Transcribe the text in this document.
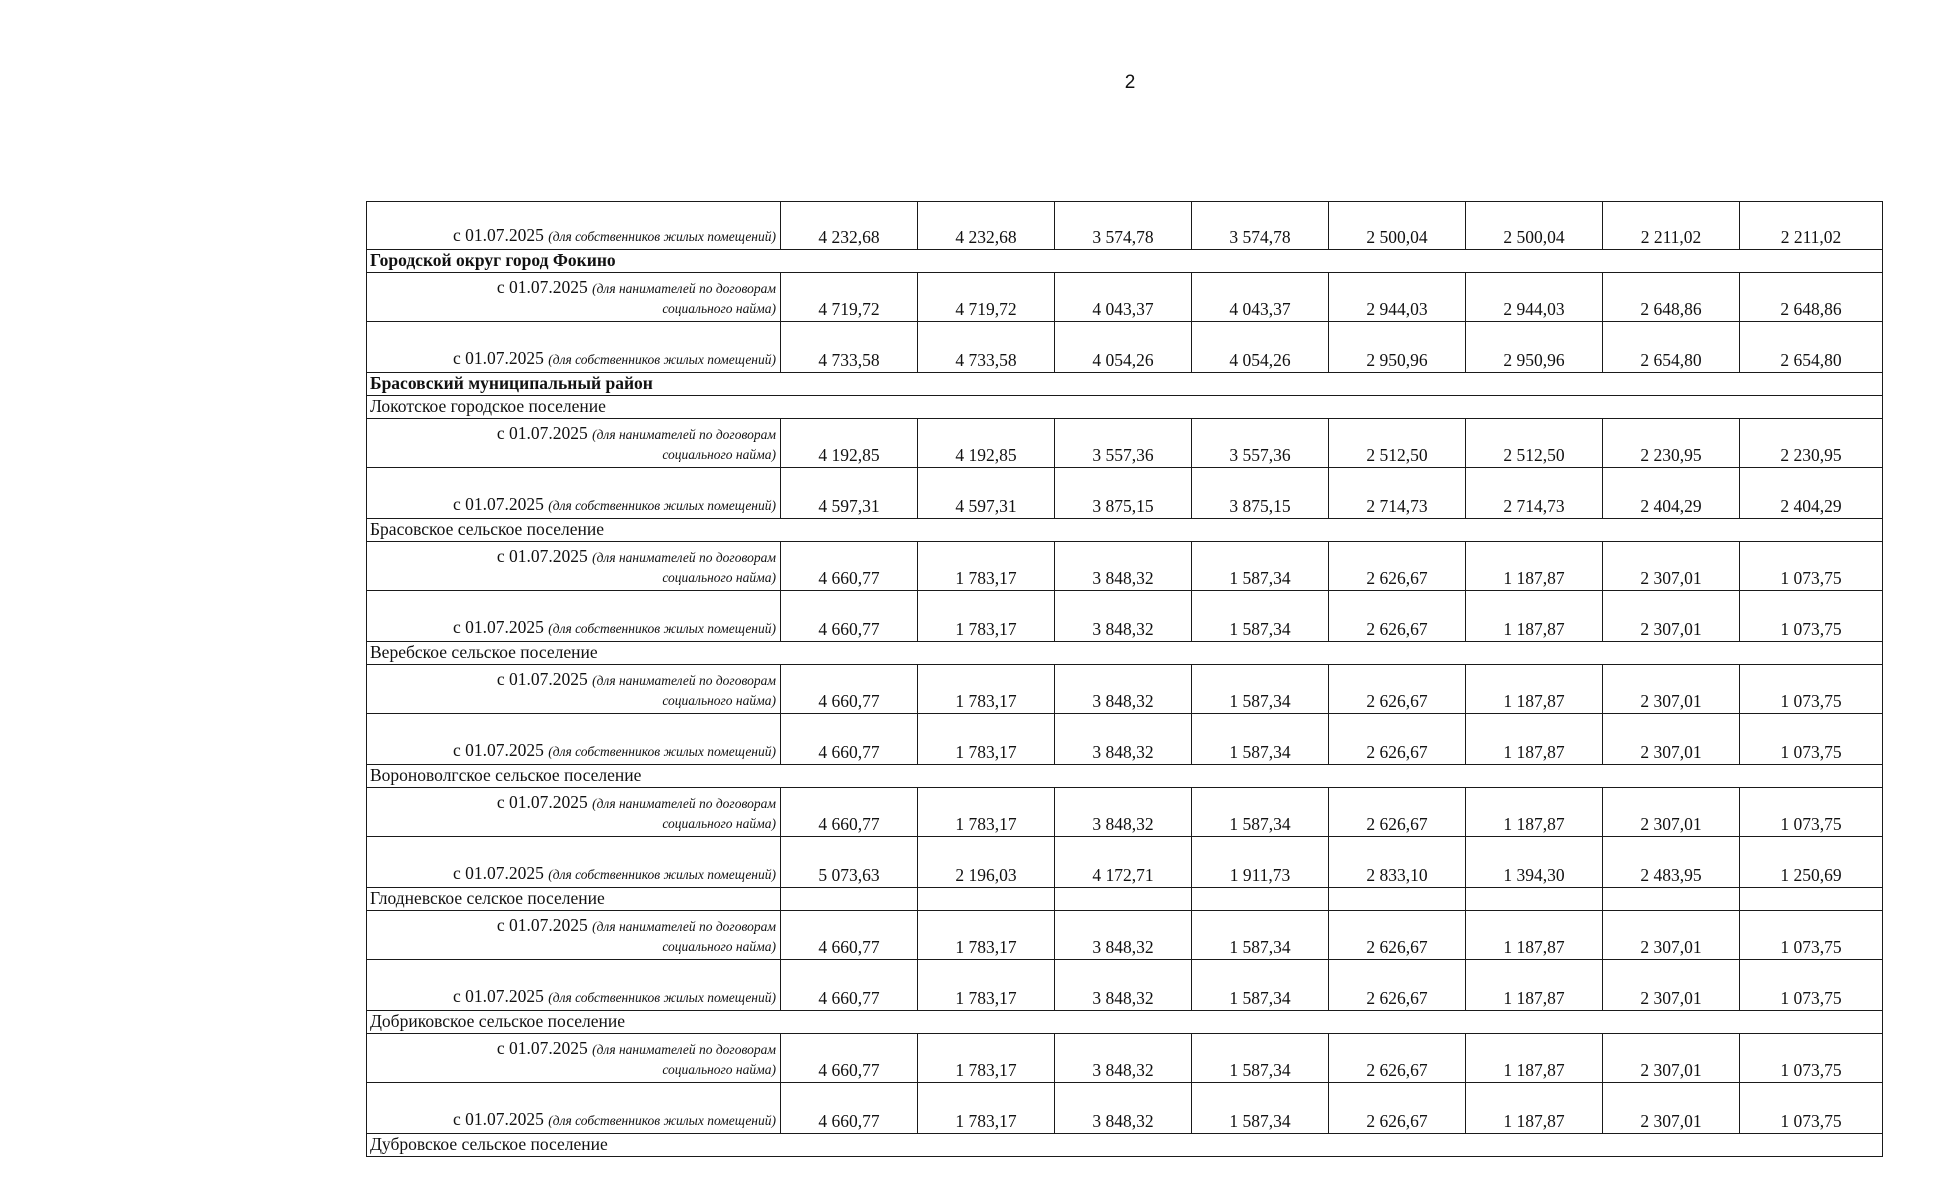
2
с 01.07.2025 (для собственников жилых помещений)	4 232,68	4 232,68	3 574,78	3 574,78	2 500,04	2 500,04	2 211,02	2 211,02
Городской округ город Фокино								
с 01.07.2025 (для нанимателей по договорам
социального найма)	4 719,72	4 719,72	4 043,37	4 043,37	2 944,03	2 944,03	2 648,86	2 648,86
с 01.07.2025 (для собственников жилых помещений)	4 733,58	4 733,58	4 054,26	4 054,26	2 950,96	2 950,96	2 654,80	2 654,80
Брасовский муниципальный район								
Локотское городское поселение								
с 01.07.2025 (для нанимателей по договорам
социального найма)	4 192,85	4 192,85	3 557,36	3 557,36	2 512,50	2 512,50	2 230,95	2 230,95
с 01.07.2025 (для собственников жилых помещений)	4 597,31	4 597,31	3 875,15	3 875,15	2 714,73	2 714,73	2 404,29	2 404,29
Брасовское сельское поселение								
с 01.07.2025 (для нанимателей по договорам
социального найма)	4 660,77	1 783,17	3 848,32	1 587,34	2 626,67	1 187,87	2 307,01	1 073,75
с 01.07.2025 (для собственников жилых помещений)	4 660,77	1 783,17	3 848,32	1 587,34	2 626,67	1 187,87	2 307,01	1 073,75
Веребское сельское поселение								
с 01.07.2025 (для нанимателей по договорам
социального найма)	4 660,77	1 783,17	3 848,32	1 587,34	2 626,67	1 187,87	2 307,01	1 073,75
с 01.07.2025 (для собственников жилых помещений)	4 660,77	1 783,17	3 848,32	1 587,34	2 626,67	1 187,87	2 307,01	1 073,75
Вороноволгское сельское поселение								
с 01.07.2025 (для нанимателей по договорам
социального найма)	4 660,77	1 783,17	3 848,32	1 587,34	2 626,67	1 187,87	2 307,01	1 073,75
с 01.07.2025 (для собственников жилых помещений)	5 073,63	2 196,03	4 172,71	1 911,73	2 833,10	1 394,30	2 483,95	1 250,69
Глодневское селское поселение								
с 01.07.2025 (для нанимателей по договорам
социального найма)	4 660,77	1 783,17	3 848,32	1 587,34	2 626,67	1 187,87	2 307,01	1 073,75
с 01.07.2025 (для собственников жилых помещений)	4 660,77	1 783,17	3 848,32	1 587,34	2 626,67	1 187,87	2 307,01	1 073,75
Добриковское сельское поселение								
с 01.07.2025 (для нанимателей по договорам
социального найма)	4 660,77	1 783,17	3 848,32	1 587,34	2 626,67	1 187,87	2 307,01	1 073,75
с 01.07.2025 (для собственников жилых помещений)	4 660,77	1 783,17	3 848,32	1 587,34	2 626,67	1 187,87	2 307,01	1 073,75
Дубровское сельское поселение								
